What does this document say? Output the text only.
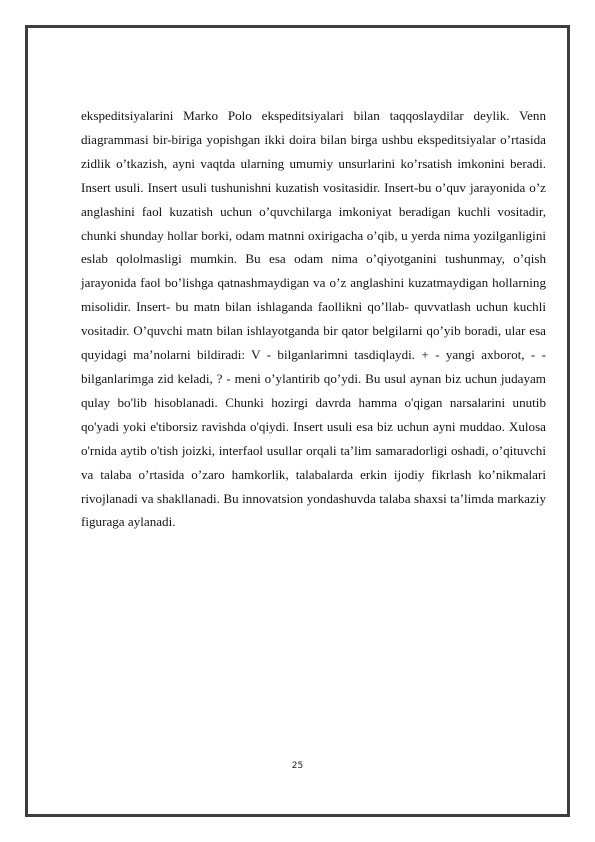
ekspeditsiyalarini Marko Polo ekspeditsiyalari bilan taqqoslaydilar deylik. Venn diagrammasi bir-biriga yopishgan ikki doira bilan birga ushbu ekspeditsiyalar o’rtasida zidlik o’tkazish, ayni vaqtda ularning umumiy unsurlarini ko’rsatish imkonini beradi. Insert usuli. Insert usuli tushunishni kuzatish vositasidir. Insert-bu o’quv jarayonida o’z anglashini faol kuzatish uchun o’quvchilarga imkoniyat beradigan kuchli vositadir, chunki shunday hollar borki, odam matnni oxirigacha o’qib, u yerda nima yozilganligini eslab qololmasligi mumkin. Bu esa odam nima o’qiyotganini tushunmay, o’qish jarayonida faol bo’lishga qatnashmaydigan va o’z anglashini kuzatmaydigan hollarning misolidir. Insert- bu matn bilan ishlaganda faollikni qo’llab- quvvatlash uchun kuchli vositadir. O’quvchi matn bilan ishlayotganda bir qator belgilarni qo’yib boradi, ular esa quyidagi ma’nolarni bildiradi: V - bilganlarimni tasdiqlaydi. + - yangi axborot, - - bilganlarimga zid keladi, ? - meni o’ylantirib qo’ydi. Bu usul aynan biz uchun judayam qulay bo'lib hisoblanadi. Chunki hozirgi davrda hamma o'qigan narsalarini unutib qo'yadi yoki e'tiborsiz ravishda o'qiydi. Insert usuli esa biz uchun ayni muddao. Xulosa o'rnida aytib o'tish joizki, interfaol usullar orqali ta’lim samaradorligi oshadi, o’qituvchi va talaba o’rtasida o’zaro hamkorlik, talabalarda erkin ijodiy fikrlash ko’nikmalari rivojlanadi va shakllanadi. Bu innovatsion yondashuvda talaba shaxsi ta’limda markaziy figuraga aylanadi.

25
